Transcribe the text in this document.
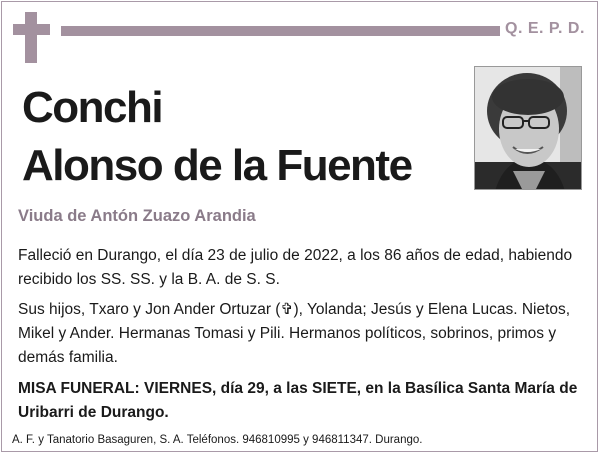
Q. E. P. D.
Conchi
Alonso de la Fuente
Viuda de Antón Zuazo Arandia

Falleció en Durango, el día 23 de julio de 2022, a los 86 años de edad, habiendo recibido los SS. SS. y la B. A. de S. S.

Sus hijos, Txaro y Jon Ander Ortuzar (✞), Yolanda; Jesús y Elena Lucas. Nietos, Mikel y Ander. Hermanas Tomasi y Pili. Hermanos políticos, sobrinos, primos y demás familia.

MISA FUNERAL: VIERNES, día 29, a las SIETE, en la Basílica Santa María de Uribarri de Durango.

A. F. y Tanatorio Basaguren, S. A. Teléfonos. 946810995 y 946811347. Durango.
